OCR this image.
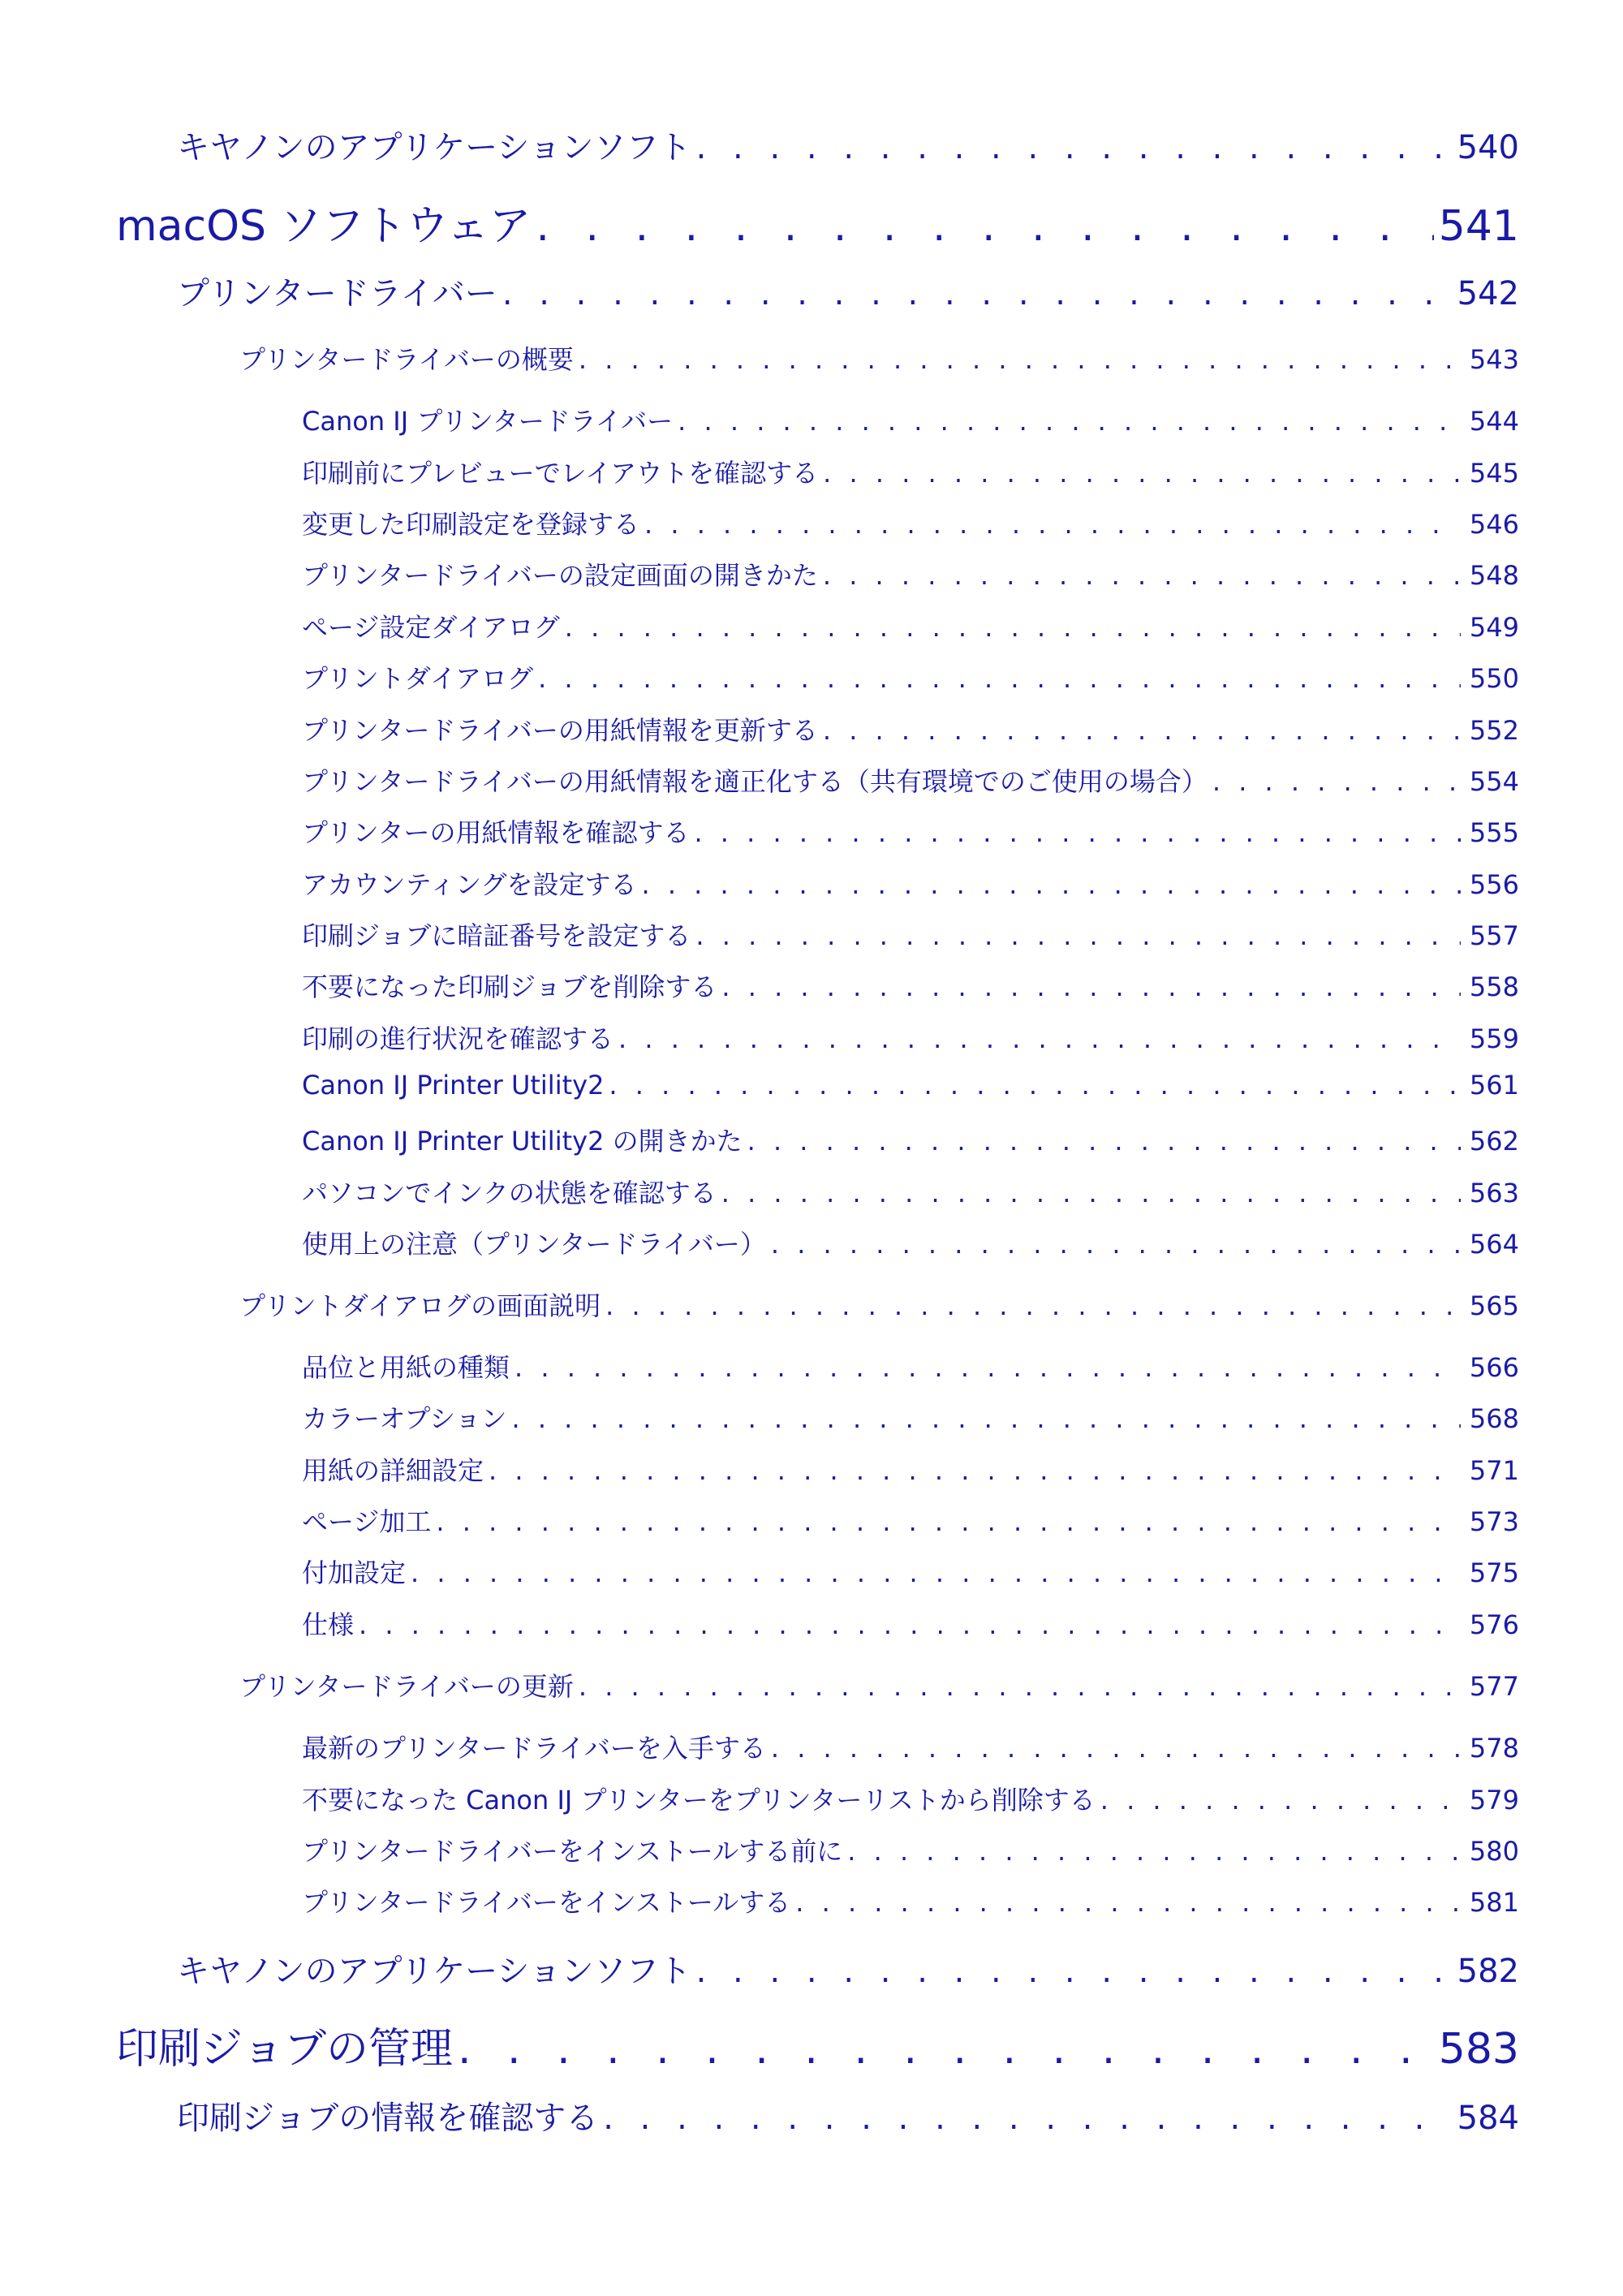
キヤノンのアプリケーションソフト . . .	540
macOS ソフトウェア . . .	541
プリンタードライバー . . .	542
プリンタードライバーの概要 . . .	543
Canon IJ プリンタードライバー . . .	544
印刷前にプレビューでレイアウトを確認する . . .	545
変更した印刷設定を登録する . . .	546
プリンタードライバーの設定画面の開きかた . . .	548
ページ設定ダイアログ . . .	549
プリントダイアログ . . .	550
プリンタードライバーの用紙情報を更新する . . .	552
プリンタードライバーの用紙情報を適正化する（共有環境でのご使用の場合） . . .	554
プリンターの用紙情報を確認する . . .	555
アカウンティングを設定する . . .	556
印刷ジョブに暗証番号を設定する . . .	557
不要になった印刷ジョブを削除する . . .	558
印刷の進行状況を確認する . . .	559
Canon IJ Printer Utility2 . . .	561
Canon IJ Printer Utility2 の開きかた . . .	562
パソコンでインクの状態を確認する . . .	563
使用上の注意（プリンタードライバー） . . .	564
プリントダイアログの画面説明 . . .	565
品位と用紙の種類 . . .	566
カラーオプション . . .	568
用紙の詳細設定 . . .	571
ページ加工 . . .	573
付加設定 . . .	575
仕様 . . .	576
プリンタードライバーの更新 . . .	577
最新のプリンタードライバーを入手する . . .	578
不要になった Canon IJ プリンターをプリンターリストから削除する . . .	579
プリンタードライバーをインストールする前に . . .	580
プリンタードライバーをインストールする . . .	581
キヤノンのアプリケーションソフト . . .	582
印刷ジョブの管理 . . .	583
印刷ジョブの情報を確認する . . .	584
